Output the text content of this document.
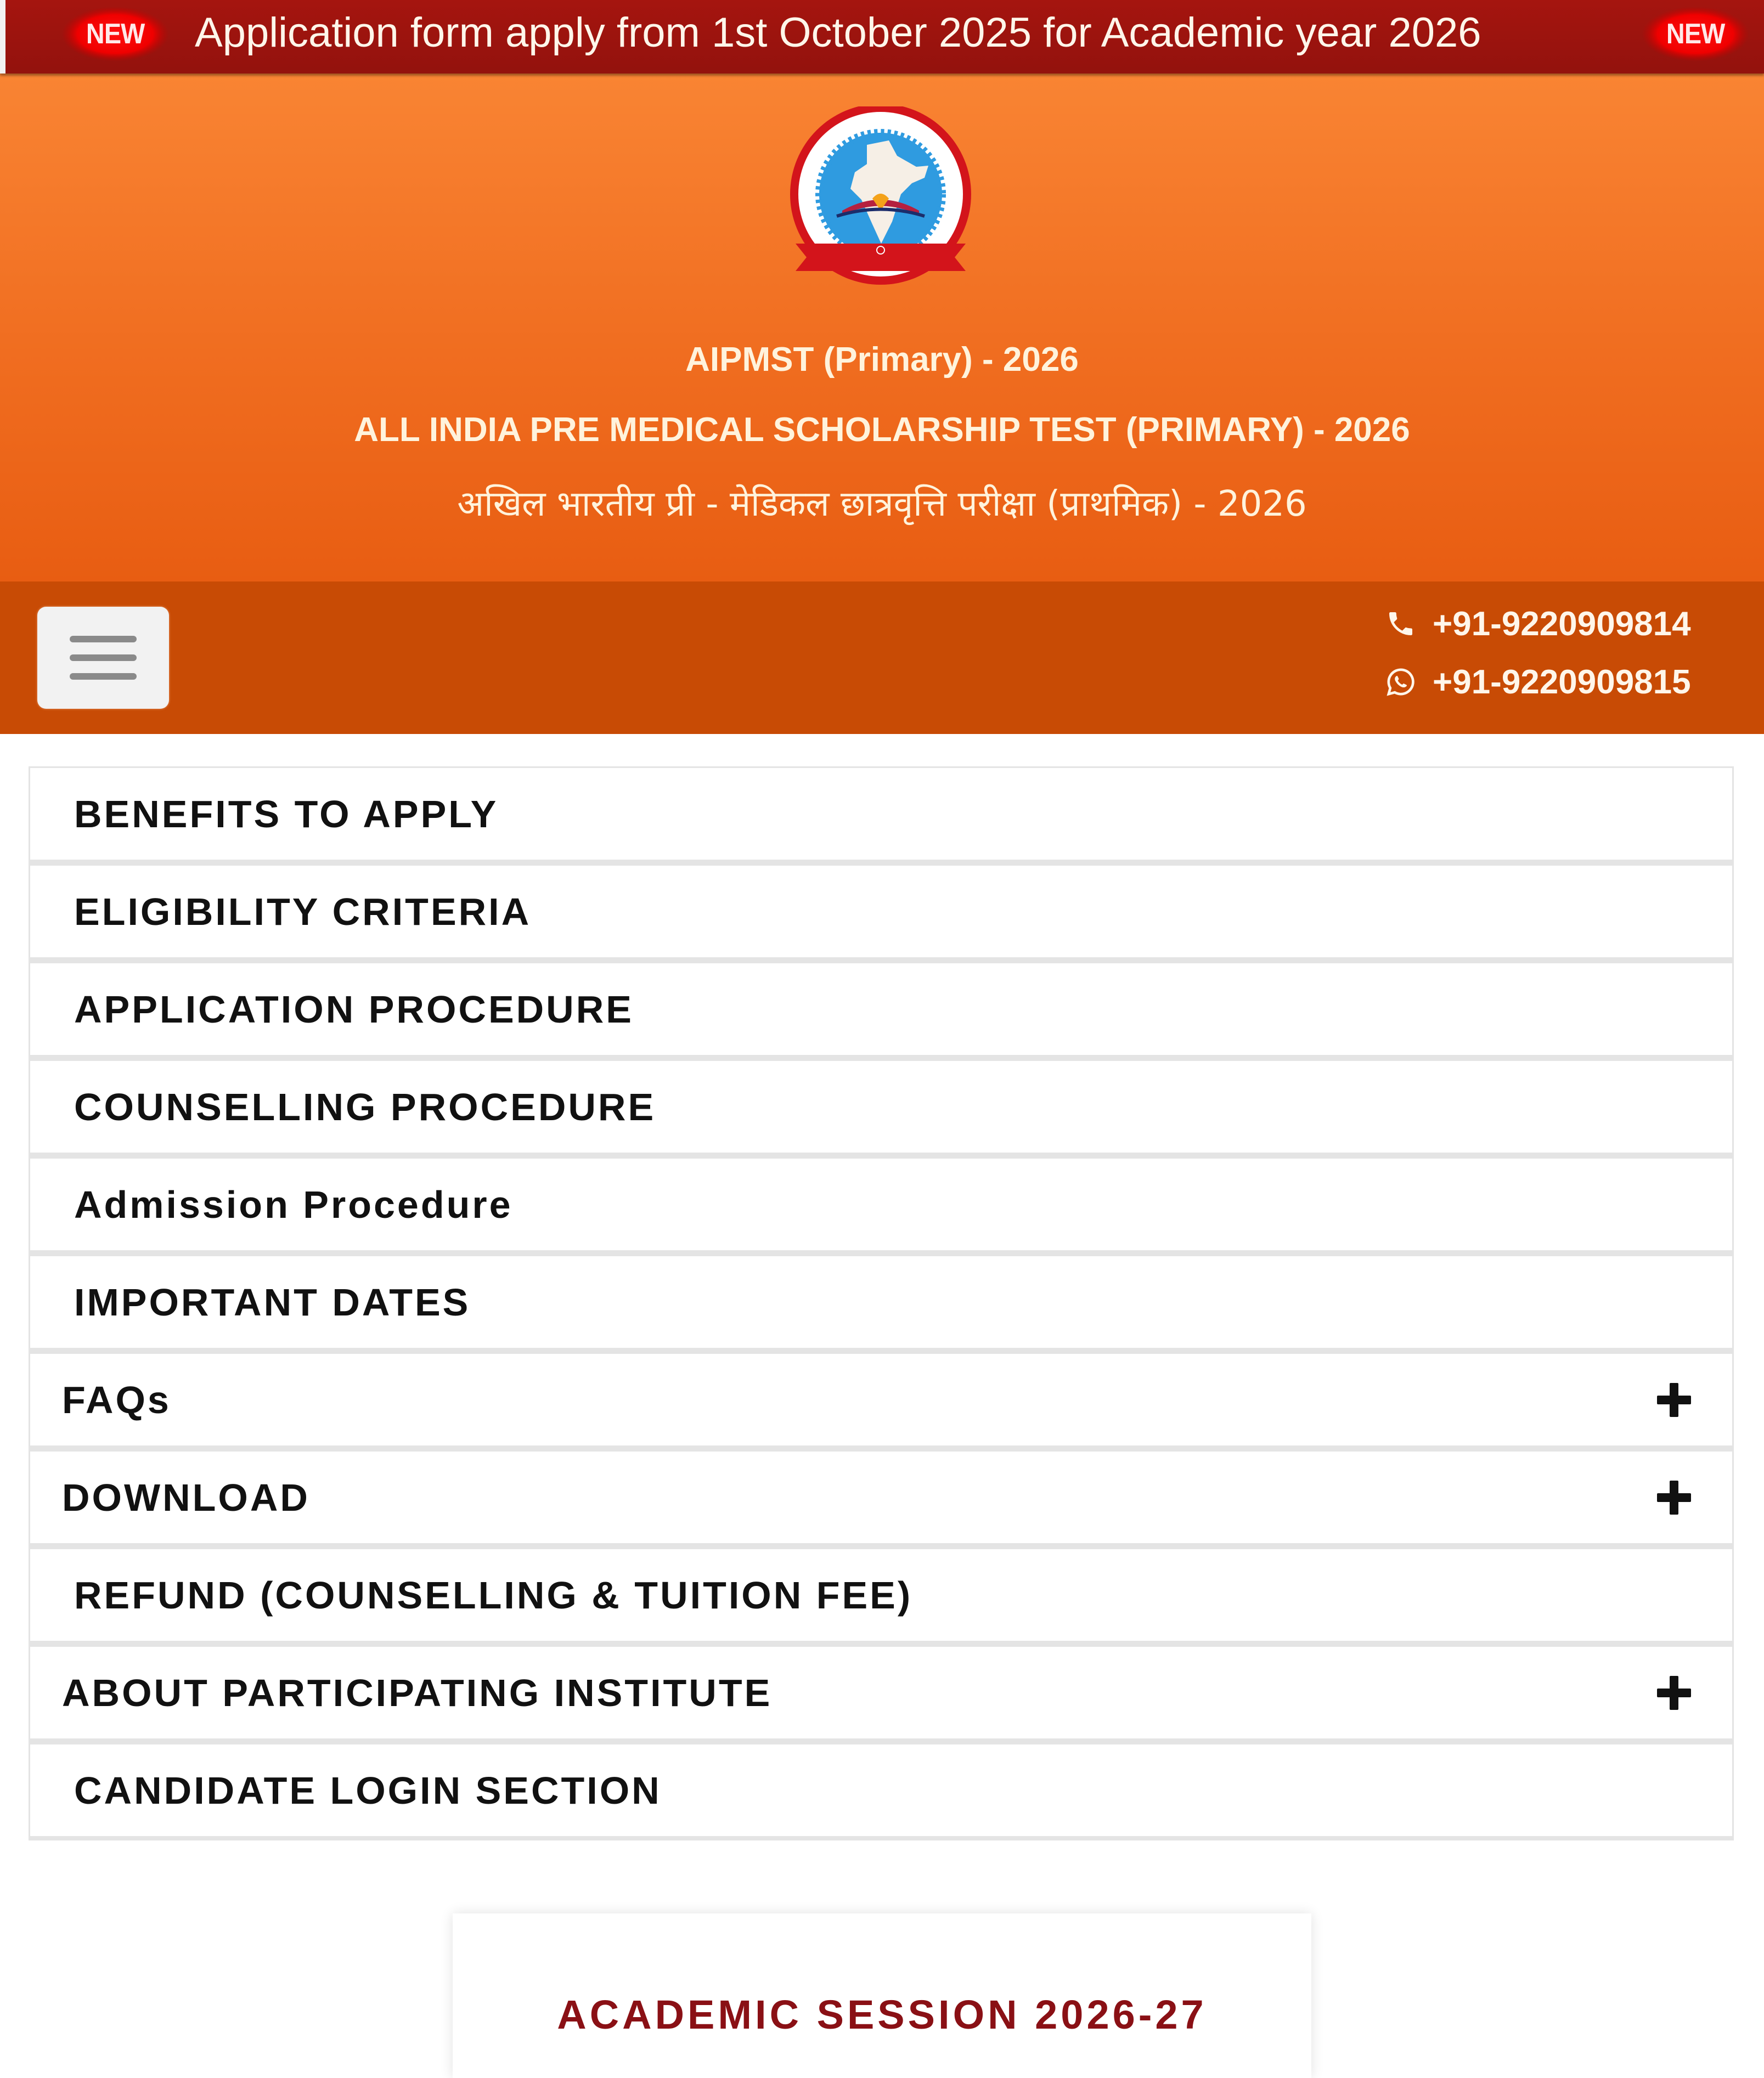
NEW Application form apply from 1st October 2025 for Academic year 2026	NEW
AIPMST (Primary) - 2026
ALL INDIA PRE MEDICAL SCHOLARSHIP TEST (PRIMARY) - 2026
अखिल भारतीय प्री - मेडिकल छात्रवृत्ति परीक्षा (प्राथमिक) - 2026
+91-9220909814
+91-9220909815
BENEFITS TO APPLY
ELIGIBILITY CRITERIA
APPLICATION PROCEDURE
COUNSELLING PROCEDURE
Admission Procedure
IMPORTANT DATES
FAQs
DOWNLOAD
REFUND (COUNSELLING & TUITION FEE)
ABOUT PARTICIPATING INSTITUTE
CANDIDATE LOGIN SECTION
ACADEMIC SESSION 2026-27
